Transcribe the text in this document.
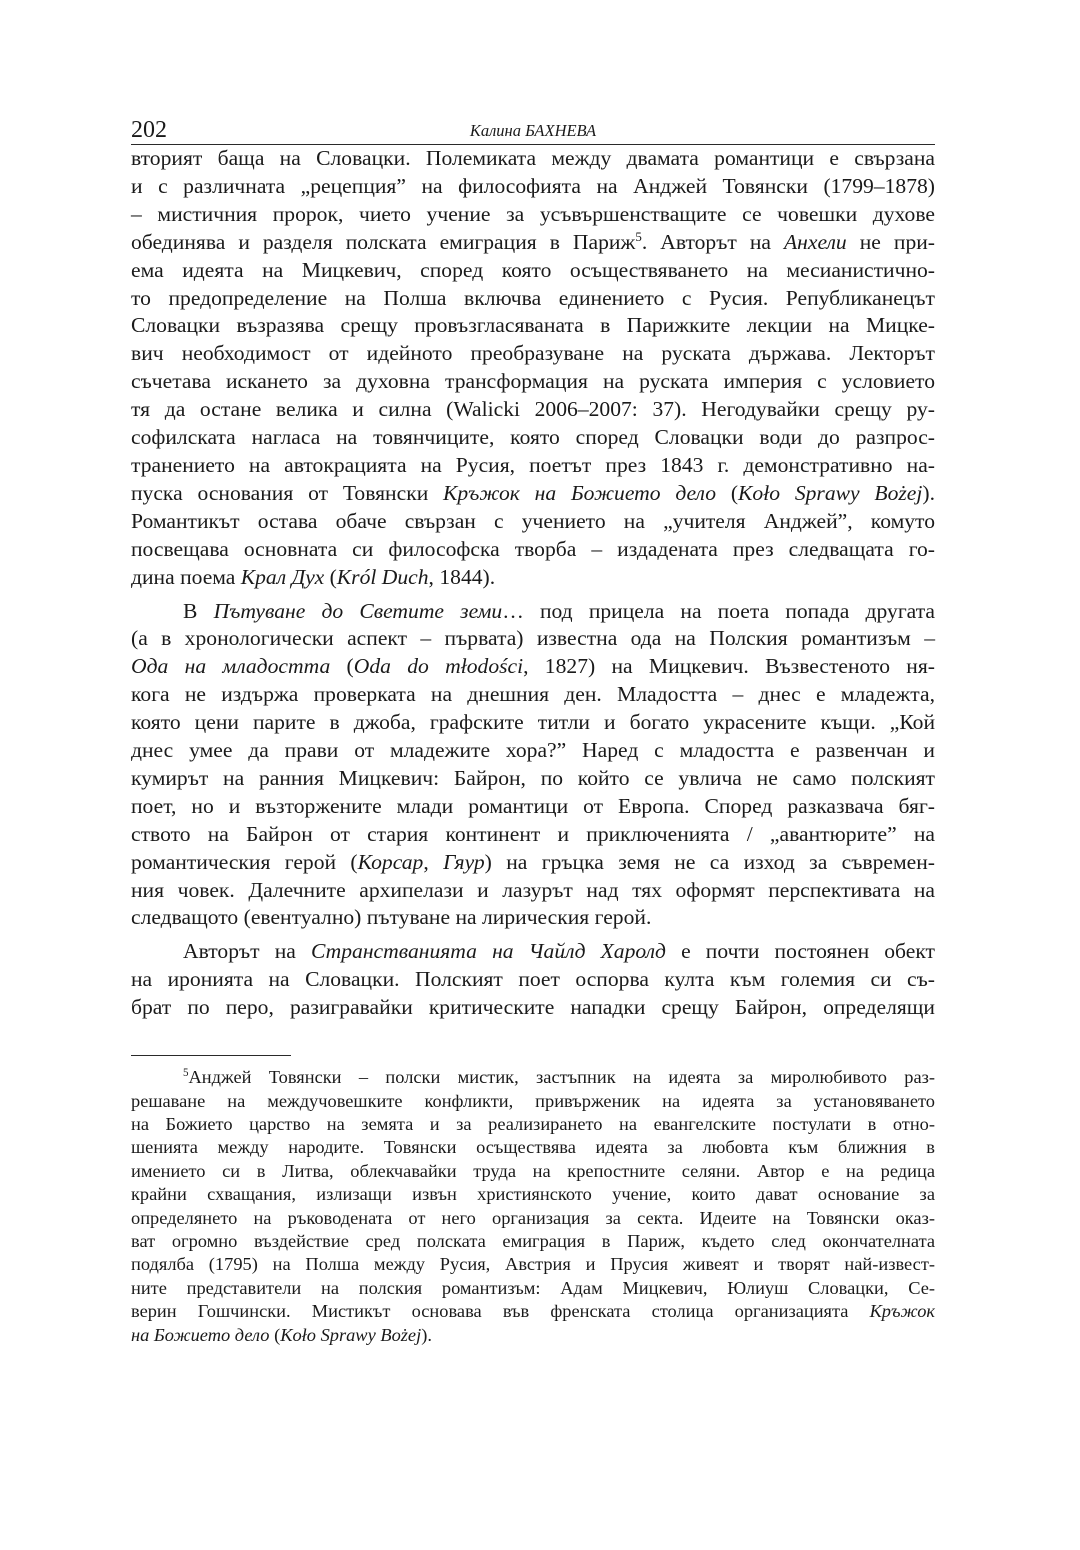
202	Калина БАХНЕВА
вторият баща на Словацки. Полемиката между двамата романтици е свързана
и с различната „рецепция” на философията на Анджей Товянски (1799–1878)
– мистичния пророк, чието учение за усъвършенстващите се човешки духове
обединява и разделя полската емиграция в Париж$^5$. Авторът на Анхели не при-
ема идеята на Мицкевич, според която осъществяването на месианистично-
то предопределение на Полша включва единението с Русия. Републиканецът
Словацки възразява срещу провъзгласяваната в Парижките лекции на Мицке-
вич необходимост от идейното преобразуване на руската държава. Лекторът
съчетава искането за духовна трансформация на руската империя с условието
тя да остане велика и силна (Walicki 2006–2007: 37). Негодувайки срещу ру-
софилската нагласа на товянчиците, която според Словацки води до разпрос-
транението на автокрацията на Русия, поетът през 1843 г. демонстративно на-
пуска основания от Товянски Кръжок на Божието дело (Koło Sprawy Bożej).
Романтикът остава обаче свързан с учението на „учителя Анджей”, комуто
посвещава основната си философска творба – издадената през следващата го-
дина поема Крал Дух (Król Duch, 1844).
В Пътуване до Светите земи… под прицела на поета попада другата
(а в хронологически аспект – първата) известна ода на Полския романтизъм –
Ода на младостта (Oda do młodości, 1827) на Мицкевич. Възвестеното ня-
кога не издържа проверката на днешния ден. Младостта – днес е младежта,
която цени парите в джоба, графските титли и богато украсените къщи. „Кой
днес умее да прави от младежите хора?” Наред с младостта е развенчан и
кумирът на ранния Мицкевич: Байрон, по който се увлича не само полският
поет, но и възторжените млади романтици от Европа. Според разказвача бяг-
ството на Байрон от стария континент и приключенията / „авантюрите” на
романтическия герой (Корсар, Гяур) на гръцка земя не са изход за съвремен-
ния човек. Далечните архипелази и лазурът над тях оформят перспективата на
следващото (евентуално) пътуване на лирическия герой.
Авторът на Странстванията на Чайлд Харолд е почти постоянен обект
на иронията на Словацки. Полският поет оспорва култа към големия си съ-
брат по перо, разигравайки критическите нападки срещу Байрон, определящи
$^5$Анджей Товянски – полски мистик, застъпник на идеята за миролюбивото раз-
решаване на междучовешките конфликти, привърженик на идеята за установяването
на Божието царство на земята и за реализирането на евангелските постулати в отно-
шенията между народите. Товянски осъществява идеята за любовта към ближния в
имението си в Литва, облекчавайки труда на крепостните селяни. Автор е на редица
крайни схващания, излизащи извън християнското учение, които дават основание за
определянето на ръководената от него организация за секта. Идеите на Товянски оказ-
ват огромно въздействие сред полската емиграция в Париж, където след окончателната
подялба (1795) на Полша между Русия, Австрия и Прусия живеят и творят най-извест-
ните представители на полския романтизъм: Адам Мицкевич, Юлиуш Словацки, Се-
верин Гошчински. Мистикът основава във френската столица организацията Кръжок
на Божието дело (Koło Sprawy Bożej).
